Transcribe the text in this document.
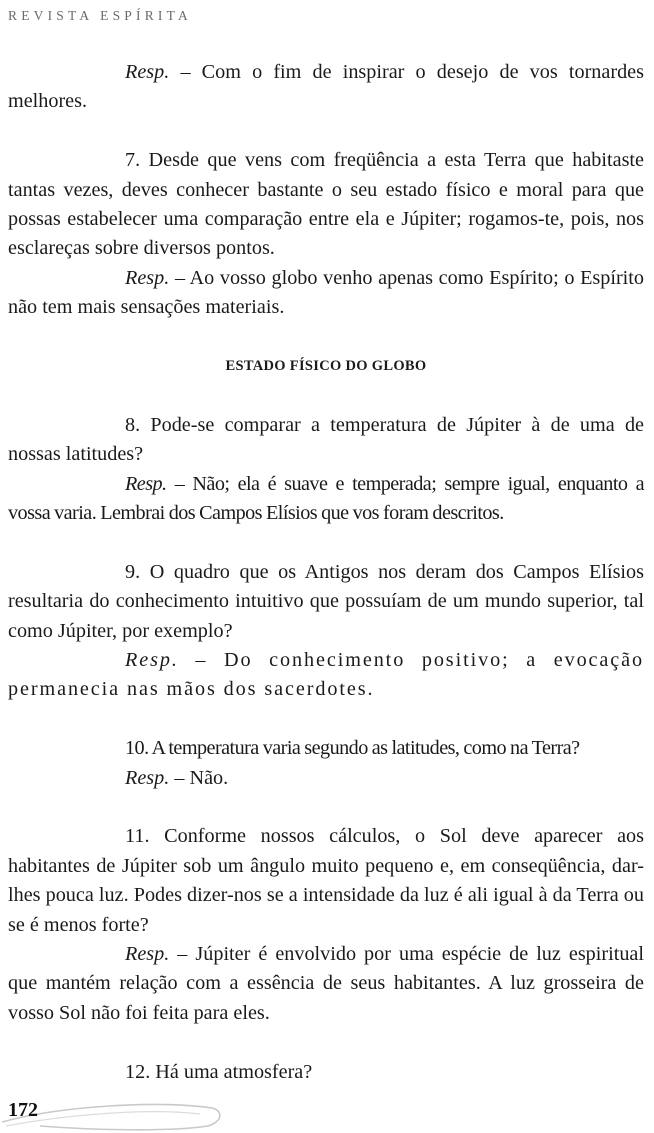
REVISTA ESPÍRITA

Resp. – Com o fim de inspirar o desejo de vos tornardes melhores.

7. Desde que vens com freqüência a esta Terra que habitaste tantas vezes, deves conhecer bastante o seu estado físico e moral para que possas estabelecer uma comparação entre ela e Júpiter; rogamos-te, pois, nos esclareças sobre diversos pontos.

Resp. – Ao vosso globo venho apenas como Espírito; o Espírito não tem mais sensações materiais.

ESTADO FÍSICO DO GLOBO

8. Pode-se comparar a temperatura de Júpiter à de uma de nossas latitudes?

Resp. – Não; ela é suave e temperada; sempre igual, enquanto a vossa varia. Lembrai dos Campos Elísios que vos foram descritos.

9. O quadro que os Antigos nos deram dos Campos Elísios resultaria do conhecimento intuitivo que possuíam de um mundo superior, tal como Júpiter, por exemplo?

Resp. – Do conhecimento positivo; a evocação permanecia nas mãos dos sacerdotes.

10. A temperatura varia segundo as latitudes, como na Terra?

Resp. – Não.

11. Conforme nossos cálculos, o Sol deve aparecer aos habitantes de Júpiter sob um ângulo muito pequeno e, em conseqüência, dar-lhes pouca luz. Podes dizer-nos se a intensidade da luz é ali igual à da Terra ou se é menos forte?

Resp. – Júpiter é envolvido por uma espécie de luz espiritual que mantém relação com a essência de seus habitantes. A luz grosseira de vosso Sol não foi feita para eles.

12. Há uma atmosfera?

172
